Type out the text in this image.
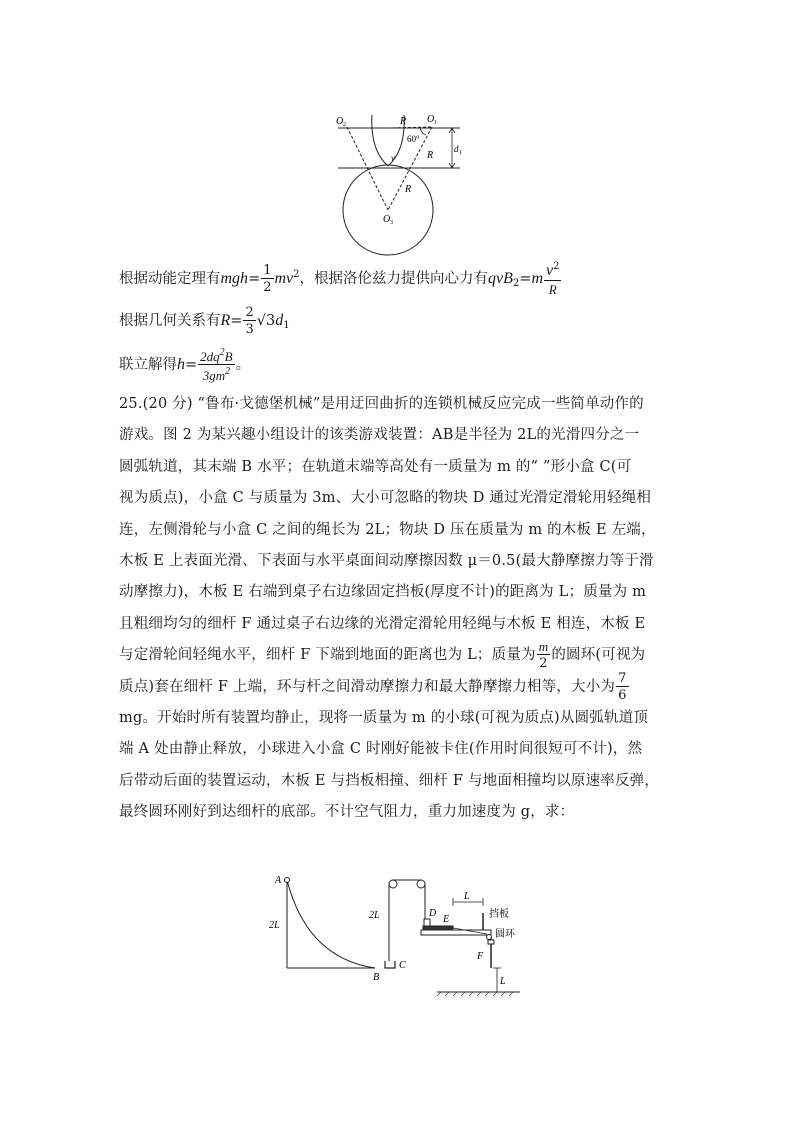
O 2	R O 1
60°
R
d 1
v
R
O 3
根据动能定理有$mgh= \frac{1}{2} mv^2$，根据洛伦兹力提供向心力有$qvB_2=m \frac{v^2}{R}$
根据几何关系有$R= \frac{2}{3} √3d_1$
联立解得$h= \frac{2dq^2B}{3gm^2}$ 。

25.(20 分) “鲁布·戈德堡机械”是用迂回曲折的连锁机械反应完成一些简单动作的

游戏。图 2 为某兴趣小组设计的该类游戏装置：AB是半径为 2L的光滑四分之一

圆弧轨道，其末端 B 水平；在轨道末端等高处有一质量为 m 的“ ”形小盒 C(可

视为质点)，小盒 C 与质量为 3m、大小可忽略的物块 D 通过光滑定滑轮用轻绳相

连，左侧滑轮与小盒 C 之间的绳长为 2L；物块 D 压在质量为 m 的木板 E 左端，

木板 E 上表面光滑、下表面与水平桌面间动摩擦因数 μ＝0.5(最大静摩擦力等于滑

动摩擦力)，木板 E 右端到桌子右边缘固定挡板(厚度不计)的距离为 L；质量为 m

且粗细均匀的细杆 F 通过桌子右边缘的光滑定滑轮用轻绳与木板 E 相连，木板 E

与定滑轮间轻绳水平，细杆 F 下端到地面的距离也为 L；质量为 $\frac{m}{2}$ 的圆环(可视为

质点)套在细杆 F 上端，环与杆之间滑动摩擦力和最大静摩擦力相等，大小为 $\frac{7}{6}$

mg。开始时所有装置均静止，现将一质量为 m 的小球(可视为质点)从圆弧轨道顶

端 A 处由静止释放，小球进入小盒 C 时刚好能被卡住(作用时间很短可不计)，然

后带动后面的装置运动，木板 E 与挡板相撞、细杆 F 与地面相撞均以原速率反弹，

最终圆环刚好到达细杆的底部。不计空气阻力，重力加速度为 g，求：

A
2L
B
2L
C
D
E
L
挡板
圆环
F
L
